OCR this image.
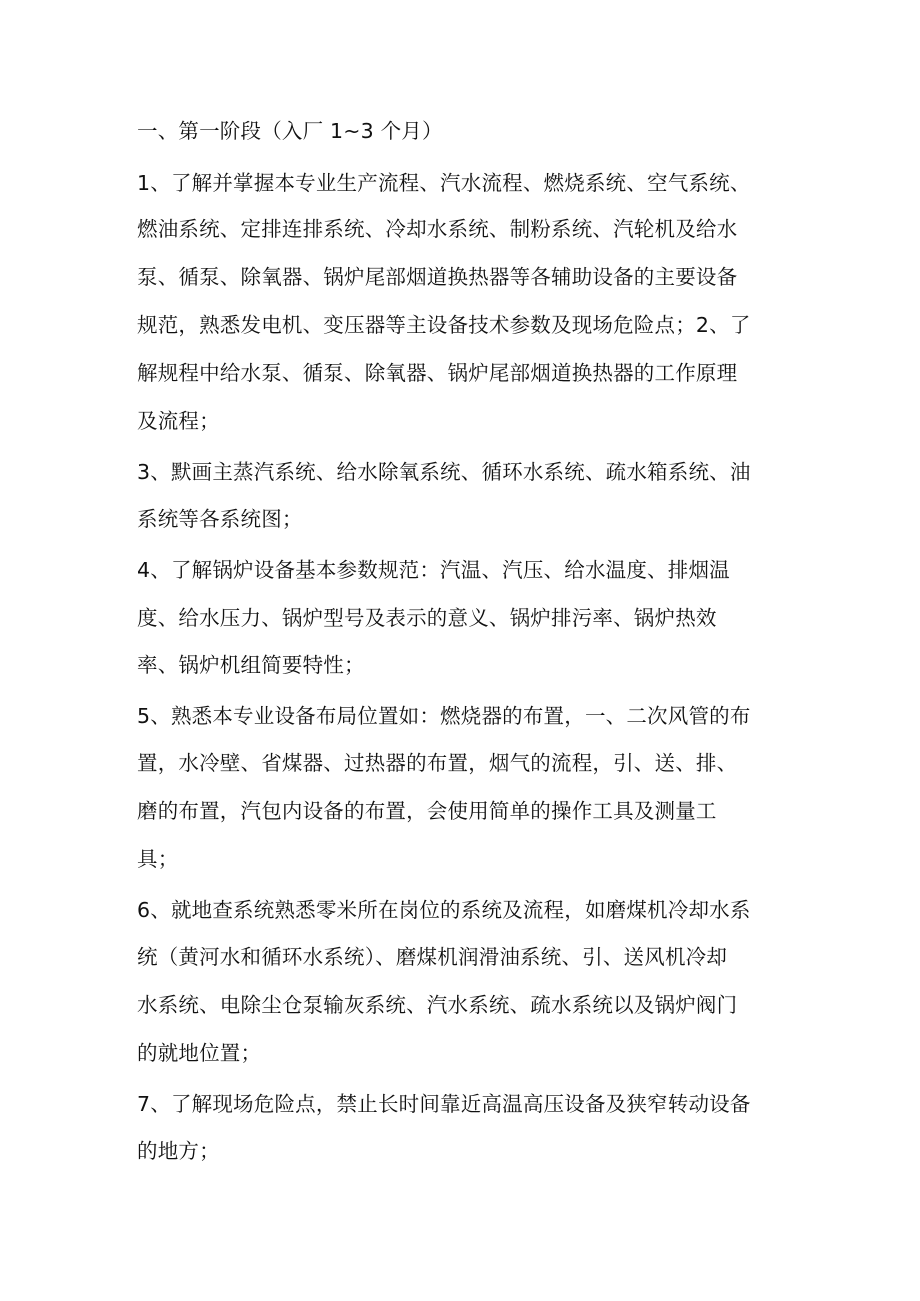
一、第一阶段（入厂 1~3 个月）
1、了解并掌握本专业生产流程、汽水流程、燃烧系统、空气系统、
燃油系统、定排连排系统、冷却水系统、制粉系统、汽轮机及给水
泵、循泵、除氧器、锅炉尾部烟道换热器等各辅助设备的主要设备
规范，熟悉发电机、变压器等主设备技术参数及现场危险点；2、了
解规程中给水泵、循泵、除氧器、锅炉尾部烟道换热器的工作原理
及流程；
3、默画主蒸汽系统、给水除氧系统、循环水系统、疏水箱系统、油
系统等各系统图；
4、了解锅炉设备基本参数规范：汽温、汽压、给水温度、排烟温
度、给水压力、锅炉型号及表示的意义、锅炉排污率、锅炉热效
率、锅炉机组简要特性；
5、熟悉本专业设备布局位置如：燃烧器的布置，一、二次风管的布
置，水冷壁、省煤器、过热器的布置，烟气的流程，引、送、排、
磨的布置，汽包内设备的布置，会使用简单的操作工具及测量工
具；
6、就地查系统熟悉零米所在岗位的系统及流程，如磨煤机冷却水系
统（黄河水和循环水系统）、磨煤机润滑油系统、引、送风机冷却
水系统、电除尘仓泵输灰系统、汽水系统、疏水系统以及锅炉阀门
的就地位置；
7、了解现场危险点，禁止长时间靠近高温高压设备及狭窄转动设备
的地方；
